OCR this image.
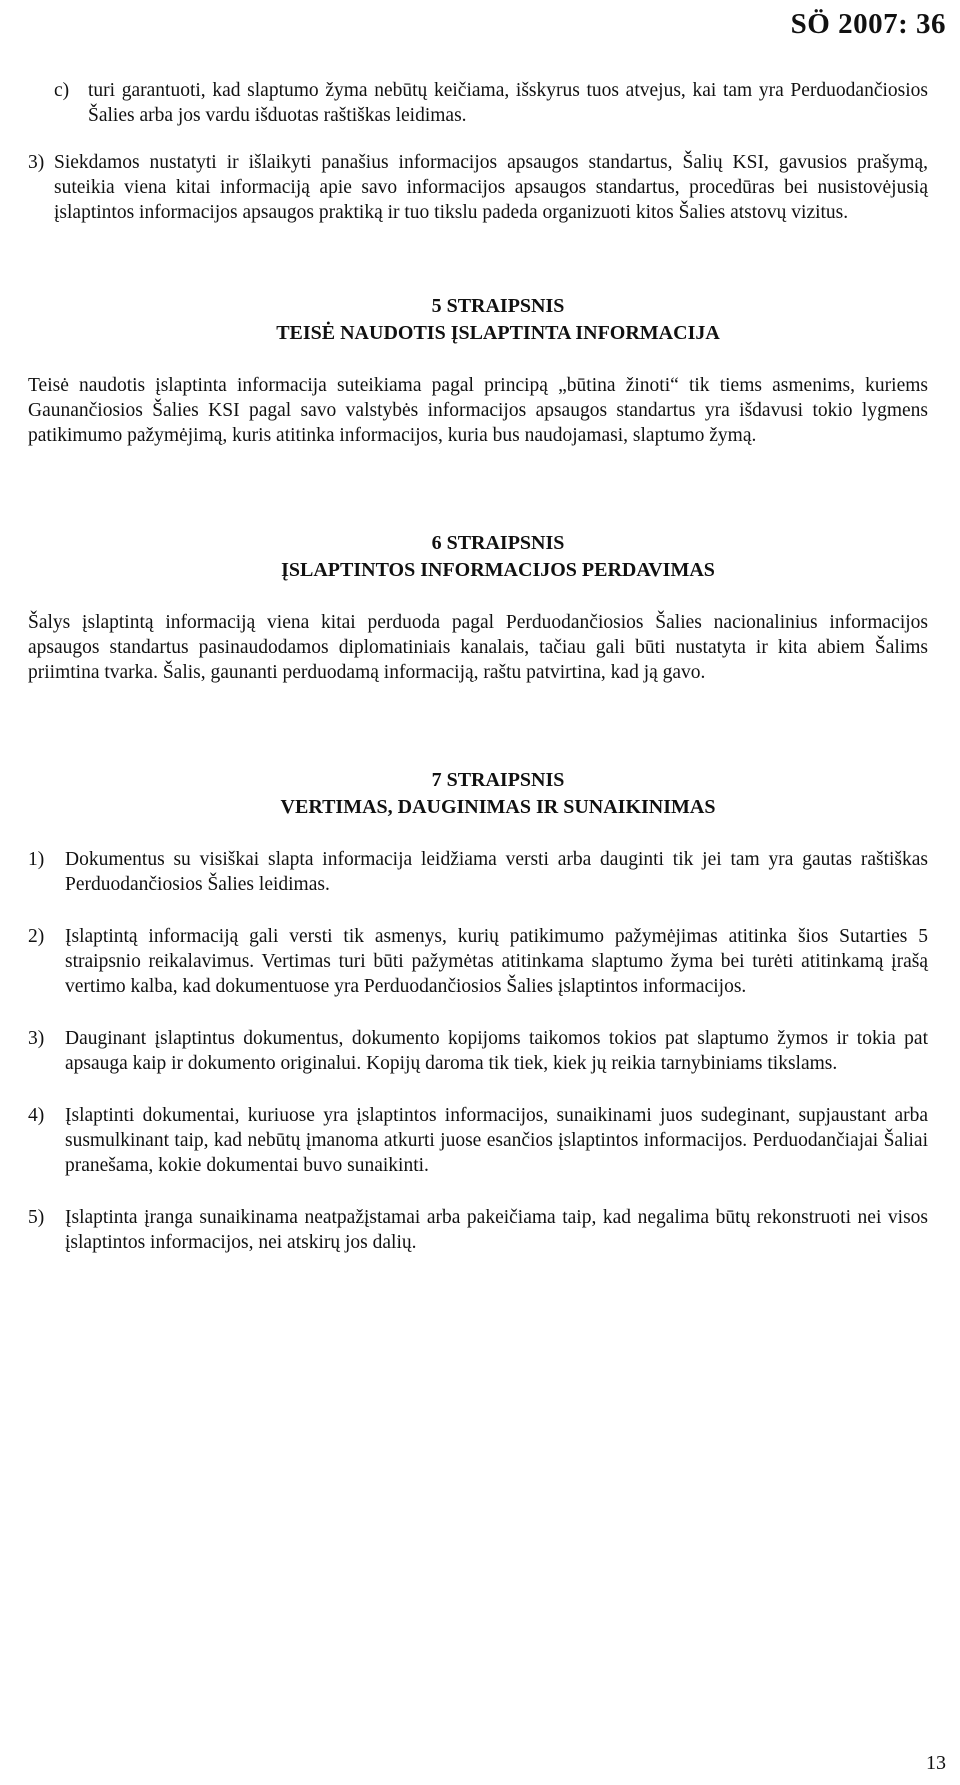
SÖ 2007: 36
c) turi garantuoti, kad slaptumo žyma nebūtų keičiama, išskyrus tuos atvejus, kai tam yra Perduodančiosios Šalies arba jos vardu išduotas raštiškas leidimas.
3) Siekdamos nustatyti ir išlaikyti panašius informacijos apsaugos standartus, Šalių KSI, gavusios prašymą, suteikia viena kitai informaciją apie savo informacijos apsaugos standartus, procedūras bei nusistovėjusią įslaptintos informacijos apsaugos praktiką ir tuo tikslu padeda organizuoti kitos Šalies atstovų vizitus.
5 STRAIPSNIS
TEISĖ NAUDOTIS ĮSLAPTINTA INFORMACIJA

Teisė naudotis įslaptinta informacija suteikiama pagal principą „būtina žinoti“ tik tiems asmenims, kuriems Gaunančiosios Šalies KSI pagal savo valstybės informacijos apsaugos standartus yra išdavusi tokio lygmens patikimumo pažymėjimą, kuris atitinka informacijos, kuria bus naudojamasi, slaptumo žymą.

6 STRAIPSNIS
ĮSLAPTINTOS INFORMACIJOS PERDAVIMAS

Šalys įslaptintą informaciją viena kitai perduoda pagal Perduodančiosios Šalies nacionalinius informacijos apsaugos standartus pasinaudodamos diplomatiniais kanalais, tačiau gali būti nustatyta ir kita abiem Šalims priimtina tvarka. Šalis, gaunanti perduodamą informaciją, raštu patvirtina, kad ją gavo.

7 STRAIPSNIS
VERTIMAS, DAUGINIMAS IR SUNAIKINIMAS
1)	Dokumentus su visiškai slapta informacija leidžiama versti arba dauginti tik jei tam yra gautas raštiškas Perduodančiosios Šalies leidimas.
2)	Įslaptintą informaciją gali versti tik asmenys, kurių patikimumo pažymėjimas atitinka šios Sutarties 5 straipsnio reikalavimus. Vertimas turi būti pažymėtas atitinkama slaptumo žyma bei turėti atitinkamą įrašą vertimo kalba, kad dokumentuose yra Perduodančiosios Šalies įslaptintos informacijos.
3)	Dauginant įslaptintus dokumentus, dokumento kopijoms taikomos tokios pat slaptumo žymos ir tokia pat apsauga kaip ir dokumento originalui. Kopijų daroma tik tiek, kiek jų reikia tarnybiniams tikslams.
4)	Įslaptinti dokumentai, kuriuose yra įslaptintos informacijos, sunaikinami juos sudeginant, supjaustant arba susmulkinant taip, kad nebūtų įmanoma atkurti juose esančios įslaptintos informacijos. Perduodančiajai Šaliai pranešama, kokie dokumentai buvo sunaikinti.
5)	Įslaptinta įranga sunaikinama neatpažįstamai arba pakeičiama taip, kad negalima būtų rekonstruoti nei visos įslaptintos informacijos, nei atskirų jos dalių.
13
